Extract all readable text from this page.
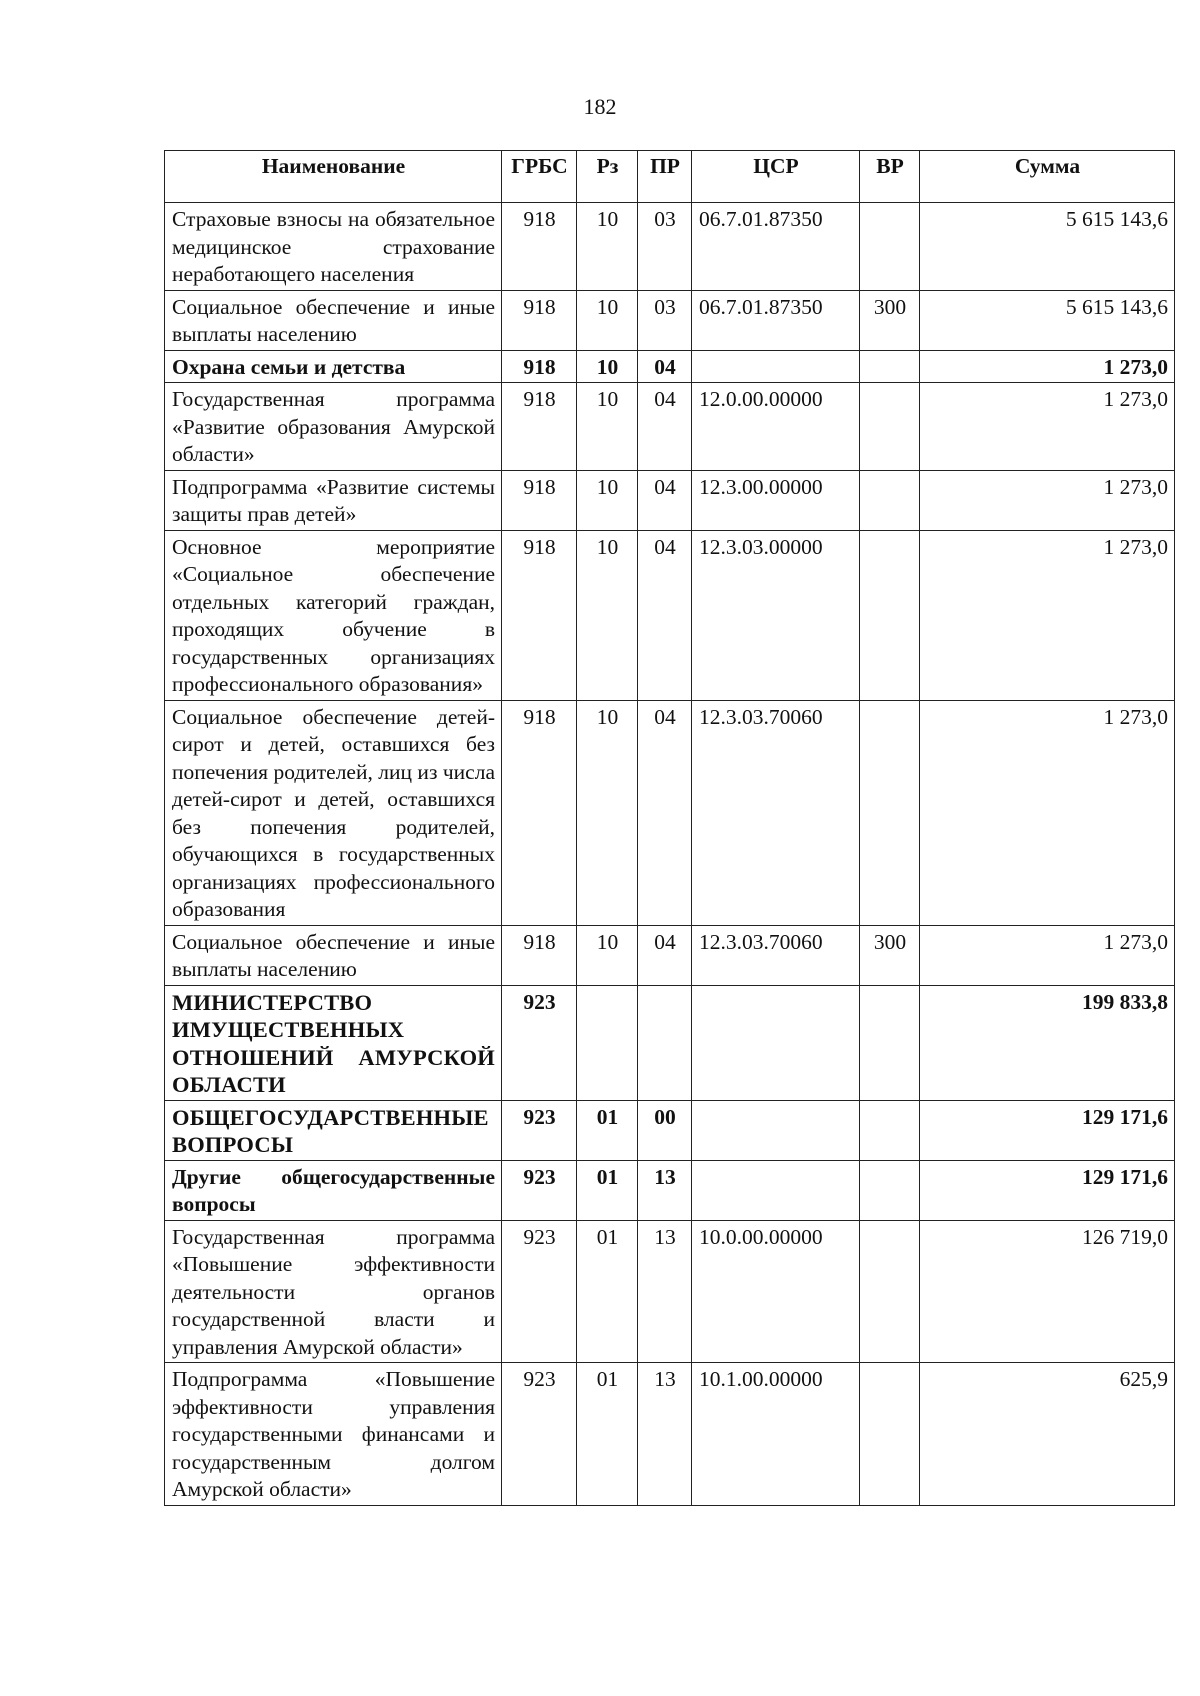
182
Наименование	ГРБС	Рз	ПР	ЦСР	ВР	Сумма
Страховые взносы на обязательное медицинское страхование неработающего населения	918	10	03	06.7.01.87350		5 615 143,6
Социальное обеспечение и иные выплаты населению	918	10	03	06.7.01.87350	300	5 615 143,6
Охрана семьи и детства	918	10	04			1 273,0
Государственная программа «Развитие образования Амурской области»	918	10	04	12.0.00.00000		1 273,0
Подпрограмма «Развитие системы защиты прав детей»	918	10	04	12.3.00.00000		1 273,0
Основное мероприятие «Социальное обеспечение отдельных категорий граждан, проходящих обучение в государственных организациях профессионального образования»	918	10	04	12.3.03.00000		1 273,0
Социальное обеспечение детей-сирот и детей, оставшихся без попечения родителей, лиц из числа детей-сирот и детей, оставшихся без попечения родителей, обучающихся в государственных организациях профессионального образования	918	10	04	12.3.03.70060		1 273,0
Социальное обеспечение и иные выплаты населению	918	10	04	12.3.03.70060	300	1 273,0
МИНИСТЕРСТВО ИМУЩЕСТВЕННЫХ ОТНОШЕНИЙ АМУРСКОЙ ОБЛАСТИ	923					199 833,8
ОБЩЕГОСУДАРСТВЕННЫЕ ВОПРОСЫ	923	01	00			129 171,6
Другие общегосударственные вопросы	923	01	13			129 171,6
Государственная программа «Повышение эффективности деятельности органов государственной власти и управления Амурской области»	923	01	13	10.0.00.00000		126 719,0
Подпрограмма «Повышение эффективности управления государственными финансами и государственным долгом Амурской области»	923	01	13	10.1.00.00000		625,9
